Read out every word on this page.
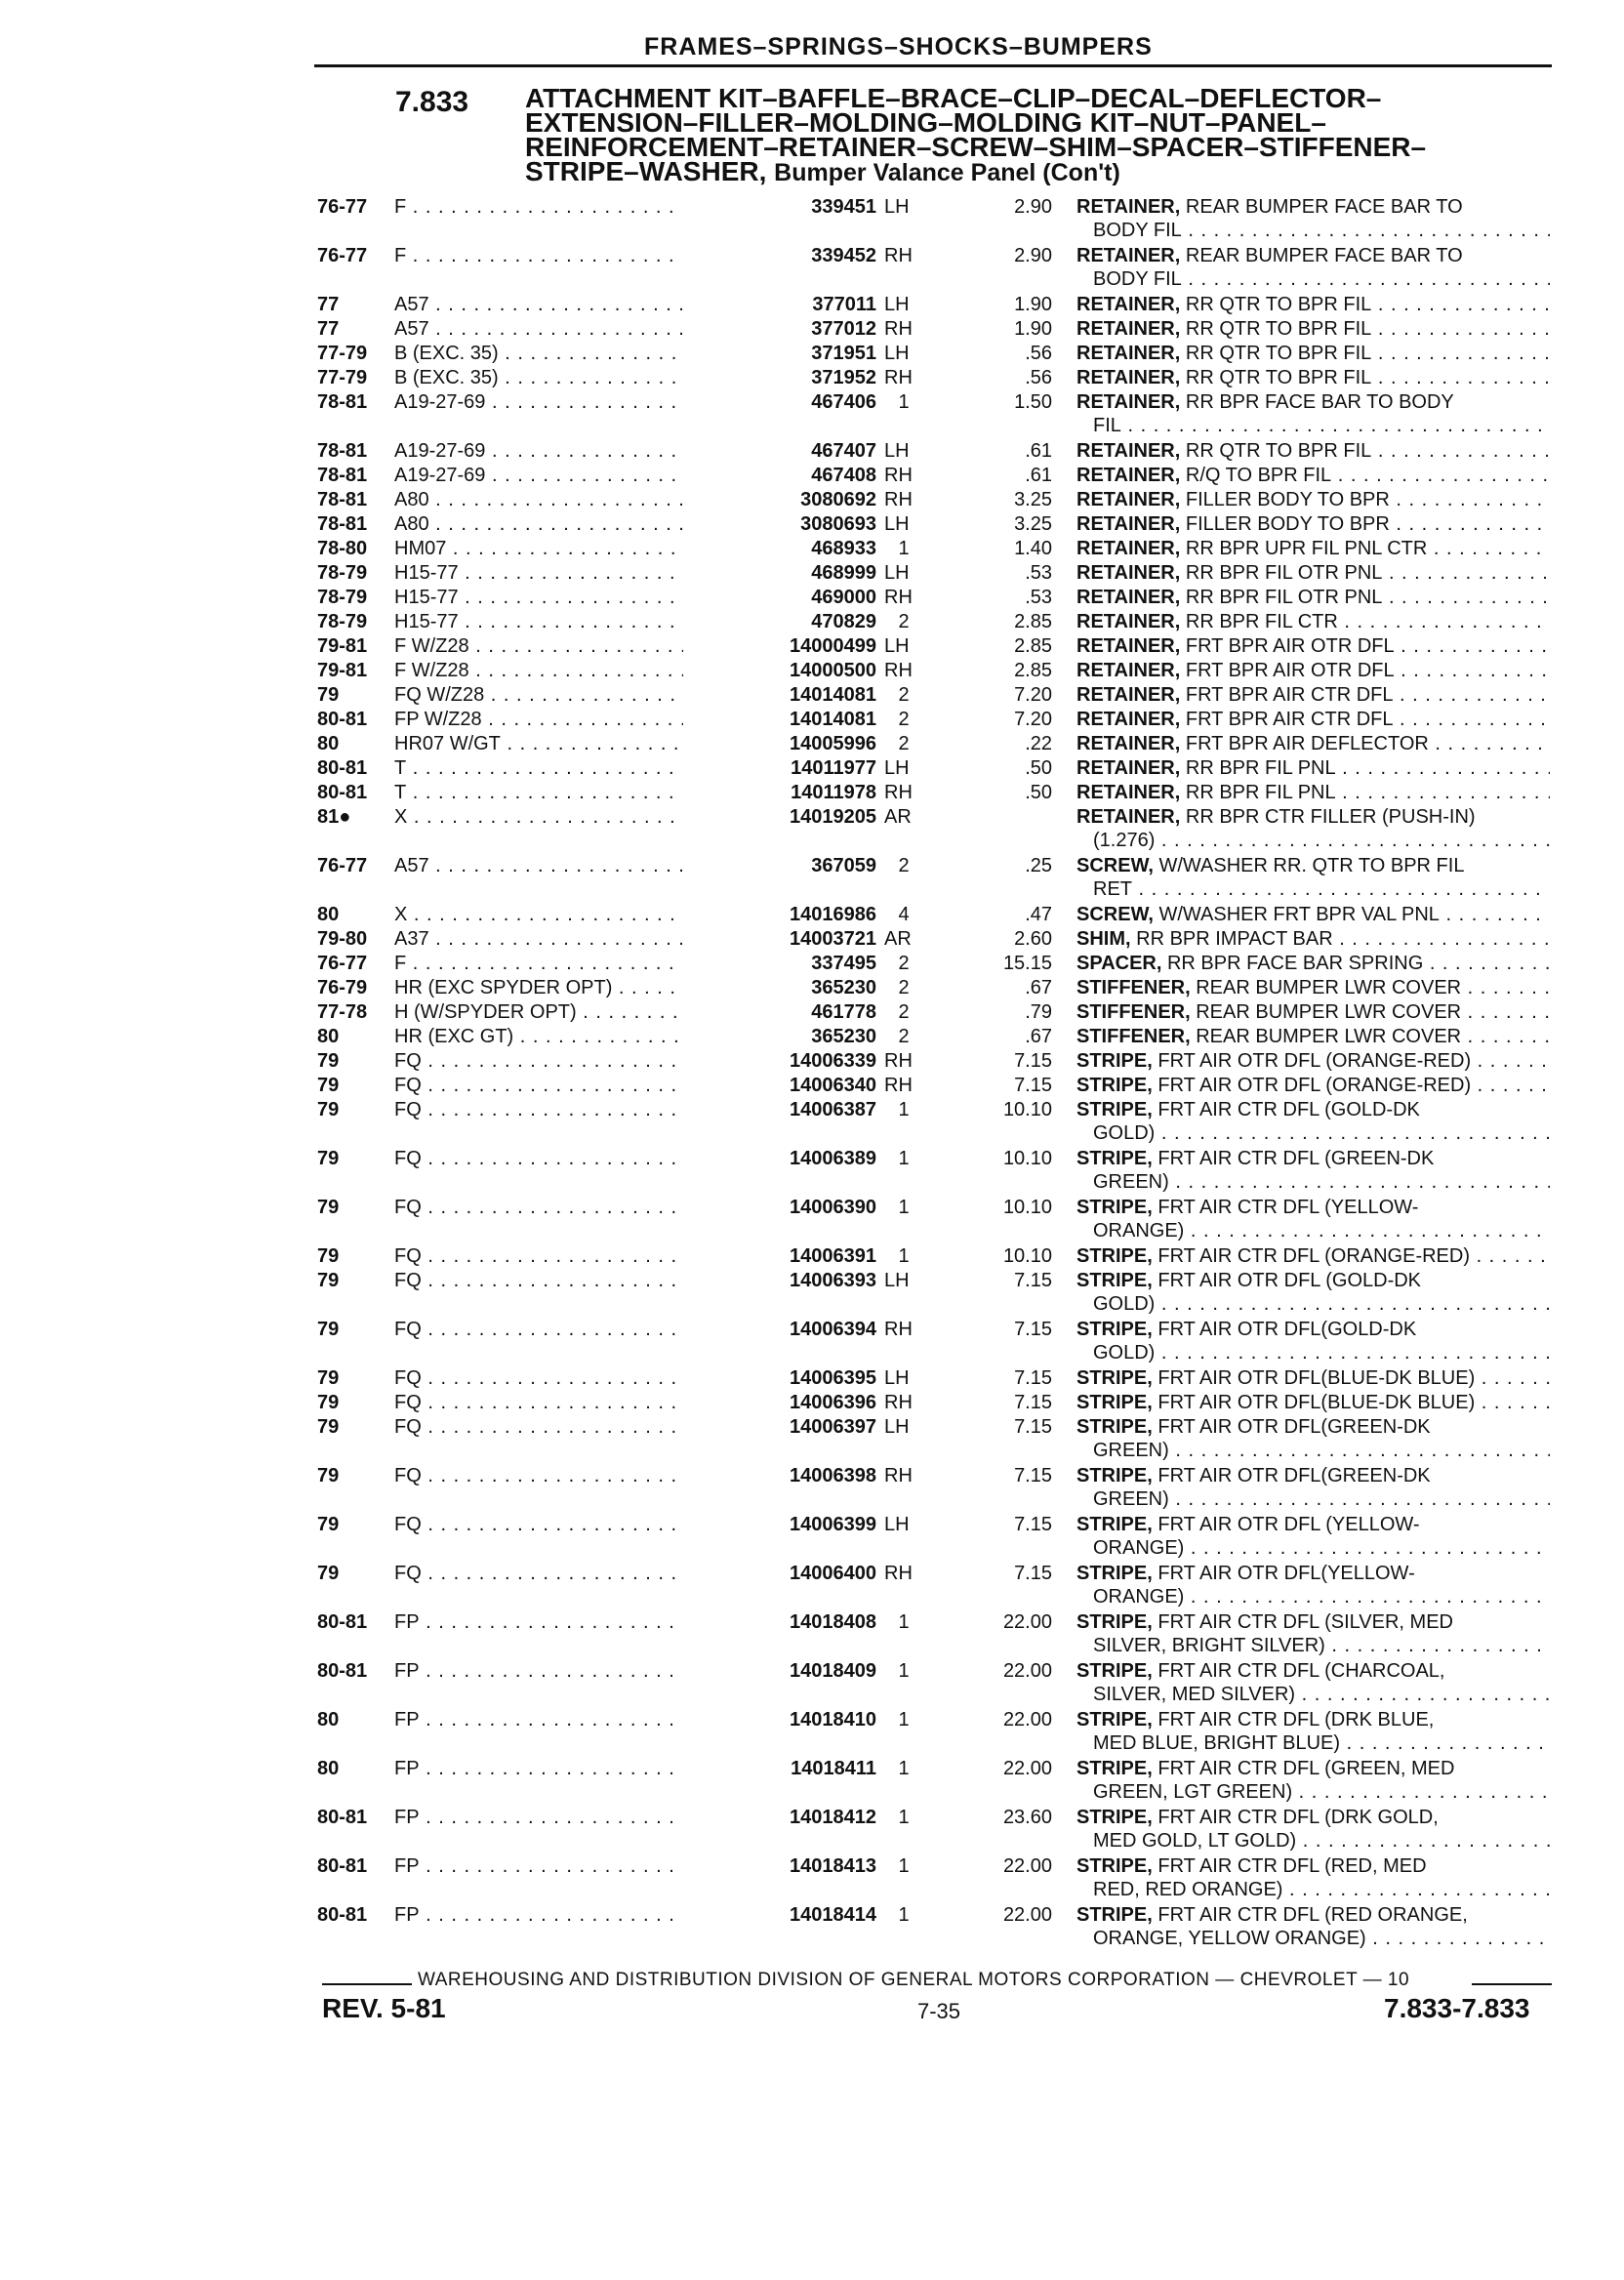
FRAMES–SPRINGS–SHOCKS–BUMPERS
7.833 ATTACHMENT KIT–BAFFLE–BRACE–CLIP–DECAL–DEFLECTOR–
EXTENSION–FILLER–MOLDING–MOLDING KIT–NUT–PANEL–
REINFORCEMENT–RETAINER–SCREW–SHIM–SPACER–STIFFENER–
STRIPE–WASHER, Bumper Valance Panel (Con't)
76-77 F . . .	339451 LH	2.90 RETAINER, REAR BUMPER FACE BAR TO
BODY FIL . . .
76-77 F . . .	339452 RH	2.90 RETAINER, REAR BUMPER FACE BAR TO
BODY FIL . . .
77	A57 . . .	377011 LH	1.90 RETAINER, RR QTR TO BPR FIL . . .
77	A57 . . .	377012 RH	1.90 RETAINER, RR QTR TO BPR FIL . . .
77-79 B (EXC. 35) . . .	371951 LH	.56 RETAINER, RR QTR TO BPR FIL . . .
77-79 B (EXC. 35) . . .	371952 RH	.56 RETAINER, RR QTR TO BPR FIL . . .
78-81 A19-27-69 . . .	467406	1	1.50 RETAINER, RR BPR FACE BAR TO BODY
FIL . . .
78-81 A19-27-69 . . .	467407 LH	.61 RETAINER, RR QTR TO BPR FIL . . .
78-81 A19-27-69 . . .	467408 RH	.61 RETAINER, R/Q TO BPR FIL . . .
78-81 A80 . . .	3080692 RH	3.25 RETAINER, FILLER BODY TO BPR . . .
78-81 A80 . . .	3080693 LH	3.25 RETAINER, FILLER BODY TO BPR . . .
78-80 HM07 . . .	468933	1	1.40 RETAINER, RR BPR UPR FIL PNL CTR . . .
78-79 H15-77 . . .	468999 LH	.53 RETAINER, RR BPR FIL OTR PNL . . .
78-79 H15-77 . . .	469000 RH	.53 RETAINER, RR BPR FIL OTR PNL . . .
78-79 H15-77 . . .	470829	2	2.85 RETAINER, RR BPR FIL CTR . . .
79-81 F W/Z28 . . .	14000499 LH	2.85 RETAINER, FRT BPR AIR OTR DFL . . .
79-81 F W/Z28 . . .	14000500 RH	2.85 RETAINER, FRT BPR AIR OTR DFL . . .
79	FQ W/Z28 . . .	14014081	2	7.20 RETAINER, FRT BPR AIR CTR DFL . . .
80-81 FP W/Z28 . . .	14014081	2	7.20 RETAINER, FRT BPR AIR CTR DFL . . .
80	HR07 W/GT . . .	14005996	2	.22 RETAINER, FRT BPR AIR DEFLECTOR . . .
80-81 T . . .	14011977 LH	.50 RETAINER, RR BPR FIL PNL . . .
80-81 T . . .	14011978 RH	.50 RETAINER, RR BPR FIL PNL . . .
81● X . . .	14019205 AR	RETAINER, RR BPR CTR FILLER (PUSH-IN)
(1.276) . . .
76-77 A57 . . .	367059	2	.25 SCREW, W/WASHER RR. QTR TO BPR FIL
RET . . .
80	X . . .	14016986	4	.47 SCREW, W/WASHER FRT BPR VAL PNL . . .
79-80 A37 . . .	14003721 AR	2.60 SHIM, RR BPR IMPACT BAR . . .
76-77 F . . .	337495	2	15.15 SPACER, RR BPR FACE BAR SPRING . . .
76-79 HR (EXC SPYDER OPT) . . .	365230	2	.67 STIFFENER, REAR BUMPER LWR COVER . . .
77-78 H (W/SPYDER OPT) . . .	461778	2	.79 STIFFENER, REAR BUMPER LWR COVER . . .
80	HR (EXC GT) . . .	365230	2	.67 STIFFENER, REAR BUMPER LWR COVER . . .
79	FQ . . .	14006339 RH	7.15 STRIPE, FRT AIR OTR DFL (ORANGE-RED) . . .
79	FQ . . .	14006340 RH	7.15 STRIPE, FRT AIR OTR DFL (ORANGE-RED) . . .
79	FQ . . .	14006387	1	10.10 STRIPE, FRT AIR CTR DFL (GOLD-DK
GOLD) . . .
79	FQ . . .	14006389	1	10.10 STRIPE, FRT AIR CTR DFL (GREEN-DK
GREEN) . . .
79	FQ . . .	14006390	1	10.10 STRIPE, FRT AIR CTR DFL (YELLOW-
ORANGE) . . .
79	FQ . . .	14006391	1	10.10 STRIPE, FRT AIR CTR DFL (ORANGE-RED) . . .
79	FQ . . .	14006393 LH	7.15 STRIPE, FRT AIR OTR DFL (GOLD-DK
GOLD) . . .
79	FQ . . .	14006394 RH	7.15 STRIPE, FRT AIR OTR DFL(GOLD-DK
GOLD) . . .
79	FQ . . .	14006395 LH	7.15 STRIPE, FRT AIR OTR DFL(BLUE-DK BLUE) . . .
79	FQ . . .	14006396 RH	7.15 STRIPE, FRT AIR OTR DFL(BLUE-DK BLUE) . . .
79	FQ . . .	14006397 LH	7.15 STRIPE, FRT AIR OTR DFL(GREEN-DK
GREEN) . . .
79	FQ . . .	14006398 RH	7.15 STRIPE, FRT AIR OTR DFL(GREEN-DK
GREEN) . . .
79	FQ . . .	14006399 LH	7.15 STRIPE, FRT AIR OTR DFL (YELLOW-
ORANGE) . . .
79	FQ . . .	14006400 RH	7.15 STRIPE, FRT AIR OTR DFL(YELLOW-
ORANGE) . . .
80-81 FP . . .	14018408	1	22.00 STRIPE, FRT AIR CTR DFL (SILVER, MED
SILVER, BRIGHT SILVER) . . .
80-81 FP . . .	14018409	1	22.00 STRIPE, FRT AIR CTR DFL (CHARCOAL,
SILVER, MED SILVER) . . .
80	FP . . .	14018410	1	22.00 STRIPE, FRT AIR CTR DFL (DRK BLUE,
MED BLUE, BRIGHT BLUE) . . .
80	FP . . .	14018411	1	22.00 STRIPE, FRT AIR CTR DFL (GREEN, MED
GREEN, LGT GREEN) . . .
80-81 FP . . .	14018412	1	23.60 STRIPE, FRT AIR CTR DFL (DRK GOLD,
MED GOLD, LT GOLD) . . .
80-81 FP . . .	14018413	1	22.00 STRIPE, FRT AIR CTR DFL (RED, MED
RED, RED ORANGE) . . .
80-81 FP . . .	14018414	1	22.00 STRIPE, FRT AIR CTR DFL (RED ORANGE,
ORANGE, YELLOW ORANGE) . . .
WAREHOUSING AND DISTRIBUTION DIVISION OF GENERAL MOTORS CORPORATION — CHEVROLET — 10
REV. 5-81	7-35	7.833-7.833
